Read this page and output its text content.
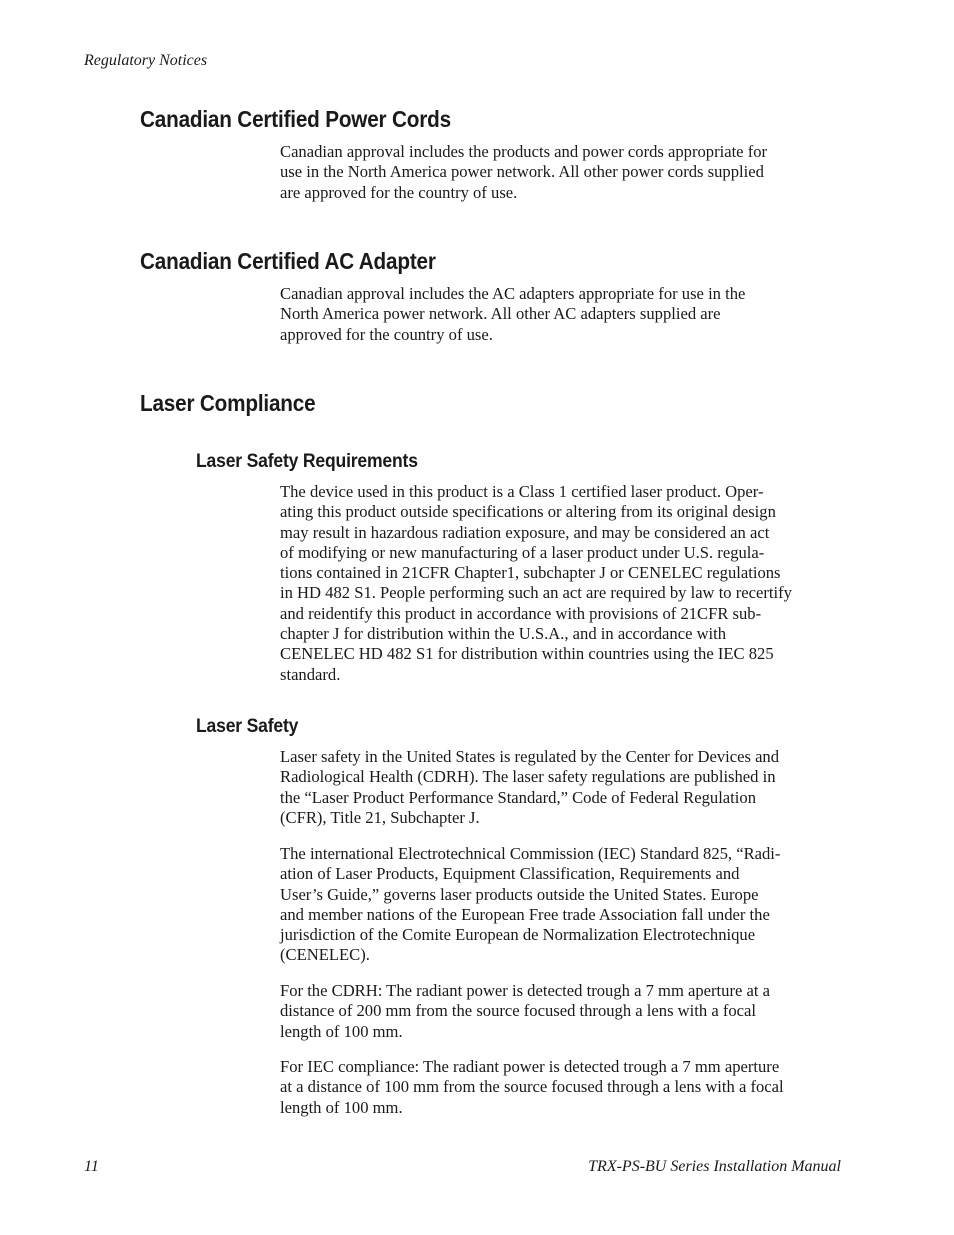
Regulatory Notices
Canadian Certified Power Cords
Canadian approval includes the products and power cords appropriate for
use in the North America power network. All other power cords supplied
are approved for the country of use.
Canadian Certified AC Adapter
Canadian approval includes the AC adapters appropriate for use in the
North America power network. All other AC adapters supplied are
approved for the country of use.
Laser Compliance
Laser Safety Requirements
The device used in this product is a Class 1 certified laser product. Oper-
ating this product outside specifications or altering from its original design
may result in hazardous radiation exposure, and may be considered an act
of modifying or new manufacturing of a laser product under U.S. regula-
tions contained in 21CFR Chapter1, subchapter J or CENELEC regulations
in HD 482 S1. People performing such an act are required by law to recertify
and reidentify this product in accordance with provisions of 21CFR sub-
chapter J for distribution within the U.S.A., and in accordance with
CENELEC HD 482 S1 for distribution within countries using the IEC 825
standard.
Laser Safety
Laser safety in the United States is regulated by the Center for Devices and
Radiological Health (CDRH). The laser safety regulations are published in
the “Laser Product Performance Standard,” Code of Federal Regulation
(CFR), Title 21, Subchapter J.
The international Electrotechnical Commission (IEC) Standard 825, “Radi-
ation of Laser Products, Equipment Classification, Requirements and
User’s Guide,” governs laser products outside the United States. Europe
and member nations of the European Free trade Association fall under the
jurisdiction of the Comite European de Normalization Electrotechnique
(CENELEC).
For the CDRH: The radiant power is detected trough a 7 mm aperture at a
distance of 200 mm from the source focused through a lens with a focal
length of 100 mm.
For IEC compliance: The radiant power is detected trough a 7 mm aperture
at a distance of 100 mm from the source focused through a lens with a focal
length of 100 mm.
11	TRX-PS-BU Series Installation Manual
